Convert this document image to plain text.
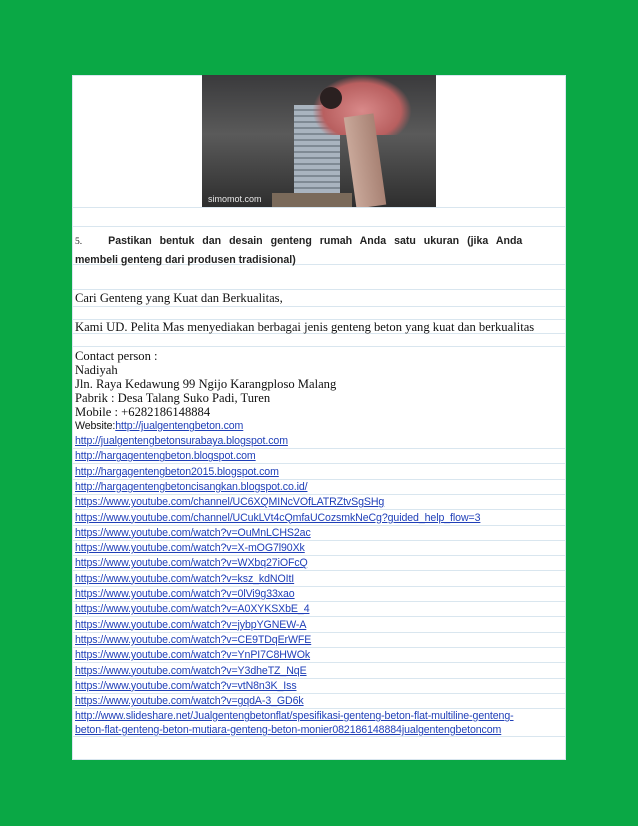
simomot.com
5. Pastikan bentuk dan desain genteng rumah Anda satu ukuran (jika Anda
membeli genteng dari produsen tradisional)
Cari Genteng yang Kuat dan Berkualitas,
Kami UD. Pelita Mas menyediakan berbagai jenis genteng beton yang kuat dan berkualitas
Contact person :
Nadiyah
Jln. Raya Kedawung 99 Ngijo Karangploso Malang
Pabrik : Desa Talang Suko Padi, Turen
Mobile : +6282186148884
Website:http://jualgentengbeton.com
http://www.slideshare.net/Jualgentengbetonflat/spesifikasi-genteng-beton-flat-multiline-genteng-
beton-flat-genteng-beton-mutiara-genteng-beton-monier082186148884jualgentengbetoncom
http://jualgentengbetonsurabaya.blogspot.com
http://hargagentengbeton.blogspot.com
http://hargagentengbeton2015.blogspot.com
http://hargagentengbetoncisangkan.blogspot.co.id/
https://www.youtube.com/channel/UC6XQMINcVOfLATRZtvSgSHg
https://www.youtube.com/channel/UCukLVt4cQmfaUCozsmkNeCg?guided_help_flow=3
https://www.youtube.com/watch?v=OuMnLCHS2ac
https://www.youtube.com/watch?v=X-mOG7l90Xk
https://www.youtube.com/watch?v=WXbq27iOFcQ
https://www.youtube.com/watch?v=ksz_kdNOItI
https://www.youtube.com/watch?v=0lVi9g33xao
https://www.youtube.com/watch?v=A0XYKSXbE_4
https://www.youtube.com/watch?v=jybpYGNEW-A
https://www.youtube.com/watch?v=CE9TDqErWFE
https://www.youtube.com/watch?v=YnPI7C8HWOk
https://www.youtube.com/watch?v=Y3dheTZ_NqE
https://www.youtube.com/watch?v=vtN8n3K_Iss
https://www.youtube.com/watch?v=gqdA-3_GD6k
